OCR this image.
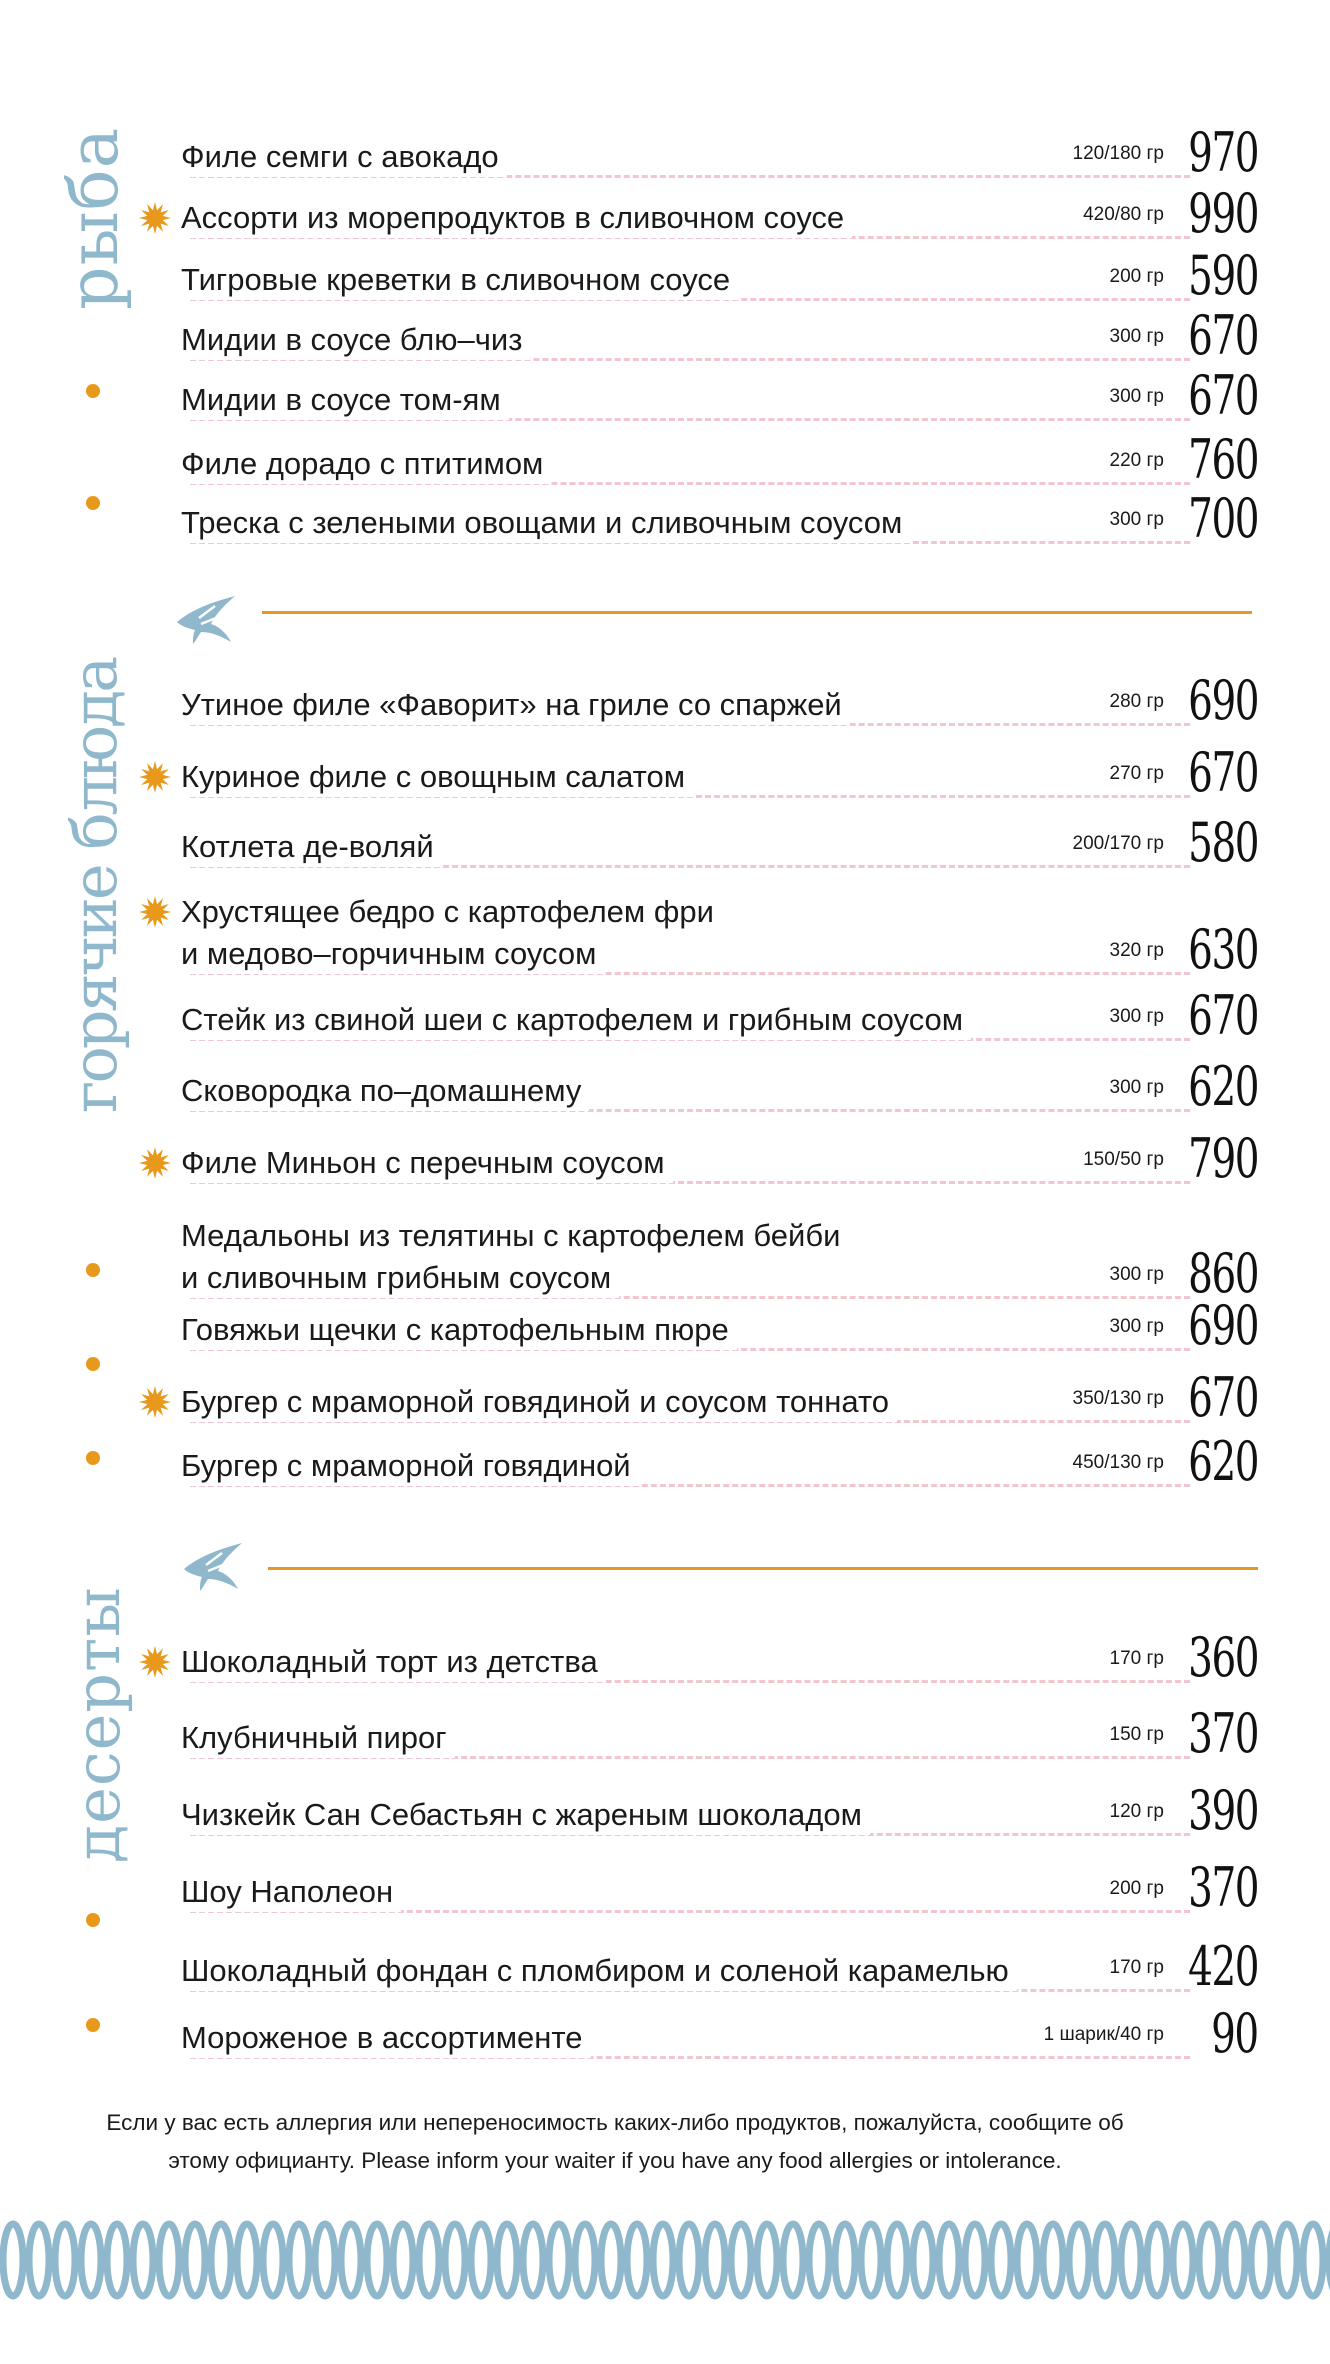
рыба
горячие блюда
десерты
Филе семги с авокадо	120/180 гр 970
Ассорти из морепродуктов в сливочном соусе	420/80 гр 990
Тигровые креветки в сливочном соусе	200 гр 590
Мидии в соусе блю–чиз	300 гр 670
Мидии в соусе том-ям	300 гр 670
Филе дорадо с птитимом	220 гр 760
Треска с зелеными овощами и сливочным соусом	300 гр 700
Утиное филе «Фаворит» на гриле со спаржей	280 гр 690
Куриное филе с овощным салатом	270 гр 670
Котлета де-воляй	200/170 гр 580
Хрустящее бедро с картофелем фри
и медово–горчичным соусом	320 гр 630
Стейк из свиной шеи с картофелем и грибным соусом	300 гр 670
Сковородка по–домашнему	300 гр 620
Филе Миньон с перечным соусом	150/50 гр 790
Медальоны из телятины с картофелем бейби
и сливочным грибным соусом	300 гр 860
Говяжьи щечки с картофельным пюре	300 гр 690
Бургер с мраморной говядиной и соусом тоннато	350/130 гр 670
Бургер с мраморной говядиной	450/130 гр 620
Шоколадный торт из детства	170 гр 360
Клубничный пирог	150 гр 370
Чизкейк Сан Себастьян с жареным шоколадом	120 гр 390
Шоу Наполеон	200 гр 370
Шоколадный фондан с пломбиром и соленой карамелью	170 гр 420
Мороженое в ассортименте	1 шарик/40 гр 90
Если у вас есть аллергия или непереносимость каких-либо продуктов, пожалуйста, сообщите об
этому официанту. Please inform your waiter if you have any food allergies or intolerance.
